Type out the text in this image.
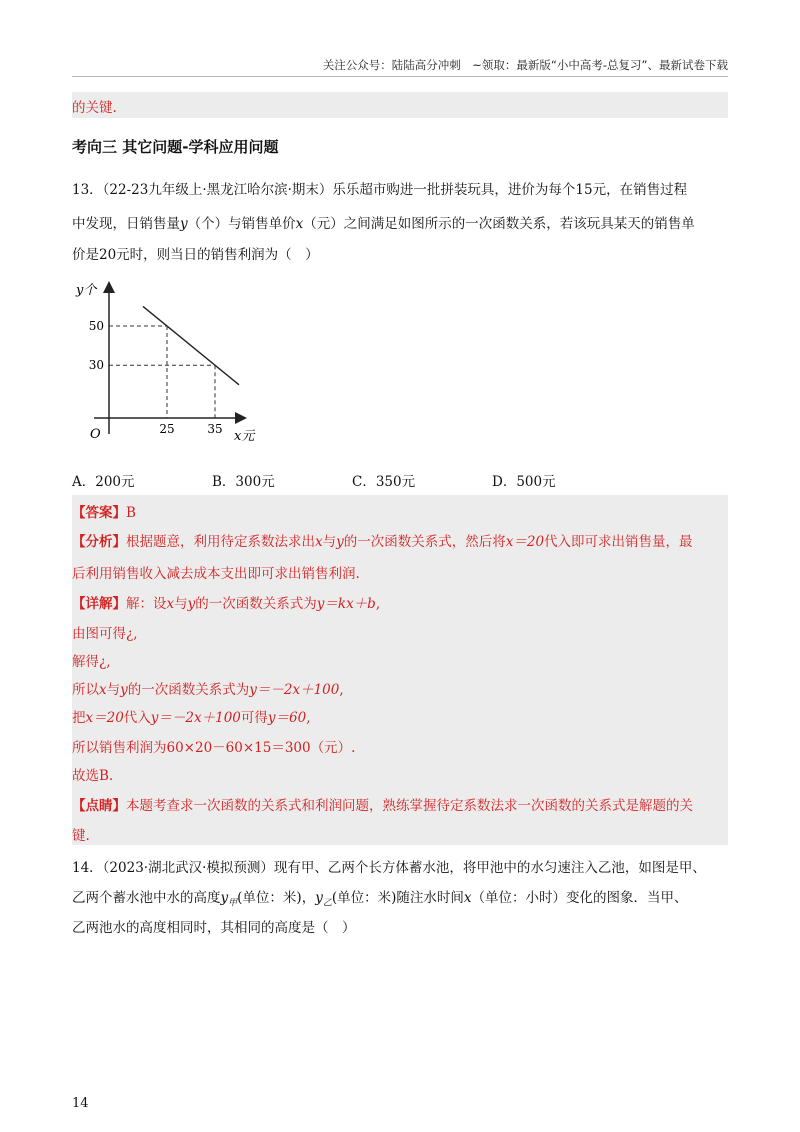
关注公众号：陆陆高分冲刺　~领取：最新版“小中高考-总复习”、最新试卷下载
的关键.
考向三 其它问题-学科应用问题
13．（22-23九年级上·黑龙江哈尔滨·期末）乐乐超市购进一批拼装玩具，进价为每个15元，在销售过程
中发现，日销售量y（个）与销售单价x（元）之间满足如图所示的一次函数关系，若该玩具某天的销售单
价是20元时，则当日的销售利润为（　）
50
25
30
35
y个
x元
O
A．200元	B．300元	C．350元	D．500元
【答案】B
【分析】根据题意，利用待定系数法求出x与y的一次函数关系式，然后将x＝20代入即可求出销售量，最
后利用销售收入减去成本支出即可求出销售利润.
【详解】解：设x与y的一次函数关系式为y＝kx＋b,
由图可得¿,
解得¿,
所以x与y的一次函数关系式为y＝－2x＋100,
把x＝20代入y＝－2x＋100可得y＝60,
所以销售利润为60×20－60×15＝300（元）.
故选B.
【点睛】本题考查求一次函数的关系式和利润问题，熟练掌握待定系数法求一次函数的关系式是解题的关
键.
14．（2023·湖北武汉·模拟预测）现有甲、乙两个长方体蓄水池，将甲池中的水匀速注入乙池，如图是甲、
乙两个蓄水池中水的高度$y_甲$(单位：米)，$y_乙$(单位：米)随注水时间x（单位：小时）变化的图象．当甲、
乙两池水的高度相同时，其相同的高度是（　）
14
